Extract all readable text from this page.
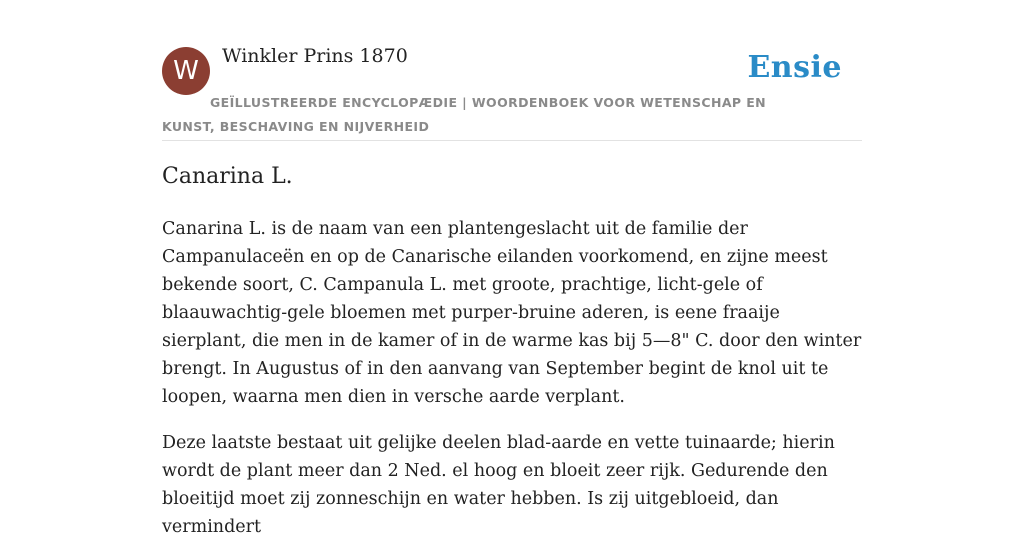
W	Winkler Prins 1870
GEÏLLUSTREERDE ENCYCLOPÆDIE | WOORDENBOEK VOOR WETENSCHAP EN KUNST, BESCHAVING EN NIJVERHEID
Ensie
Canarina L.

Canarina L. is de naam van een plantengeslacht uit de familie der Campanulaceën en op de Canarische eilanden voorkomend, en zijne meest bekende soort, C. Campanula L. met groote, prachtige, licht-gele of blaauwachtig-gele bloemen met purper-bruine aderen, is eene fraaije sierplant, die men in de kamer of in de warme kas bij 5—8" C. door den winter brengt. In Augustus of in den aanvang van September begint de knol uit te loopen, waarna men dien in versche aarde verplant.

Deze laatste bestaat uit gelijke deelen blad-aarde en vette tuinaarde; hierin wordt de plant meer dan 2 Ned. el hoog en bloeit zeer rijk. Gedurende den bloeitijd moet zij zonneschijn en water hebben. Is zij uitgebloeid, dan vermindert
